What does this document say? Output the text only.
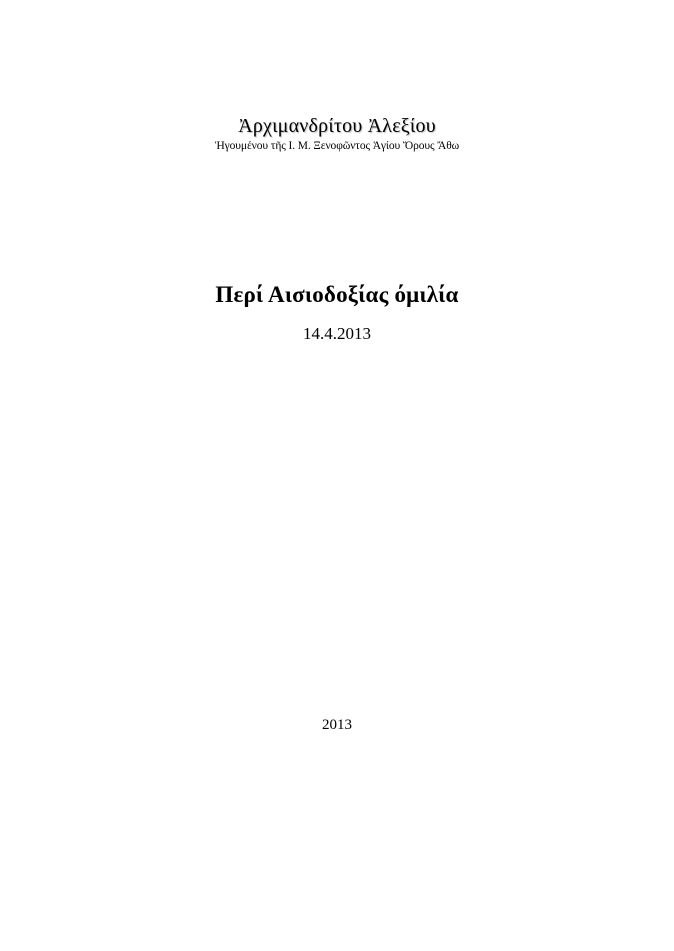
Ἀρχιμανδρίτου Ἀλεξίου
Ἡγουμένου τῆς Ι. Μ. Ξενοφῶντος Ἁγίου Ὄρους Ἄθω
Περί Αισιοδοξίας όμιλία
14.4.2013
2013
